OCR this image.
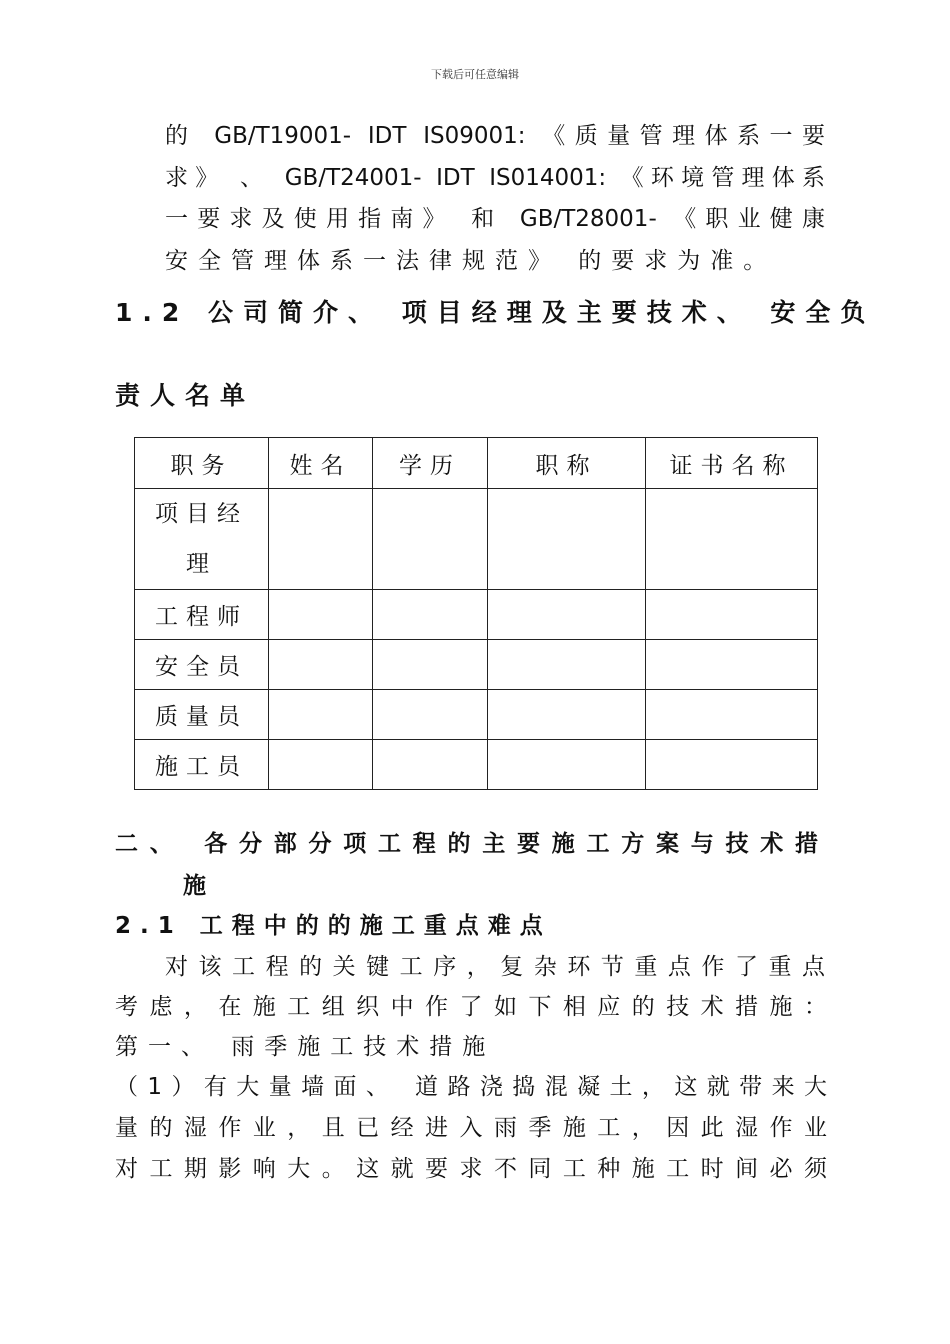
下载后可任意编辑
的 GB/T19001- IDT IS09001: 《质量管理体系一要
求》 、 GB/T24001- IDT IS014001: 《环境管理体系
一要求及使用指南》 和 GB/T28001- 《职业健康
安全管理体系一法律规范》 的要求为准。
1.2 公司简介、 项目经理及主要技术、 安全负
责人名单
职务	姓名	学历	职称	证书名称
项目经理				
工程师				
安全员				
质量员				
施工员				
二、 各分部分项工程的主要施工方案与技术措
施
2.1 工程中的的施工重点难点
对该工程的关键工序，复杂环节重点作了重点
考虑，在施工组织中作了如下相应的技术措施：
第一、 雨季施工技术措施
（1）有大量墙面、 道路浇捣混凝土，这就带来大
量的湿作业，且已经进入雨季施工，因此湿作业
对工期影响大。这就要求不同工种施工时间必须
